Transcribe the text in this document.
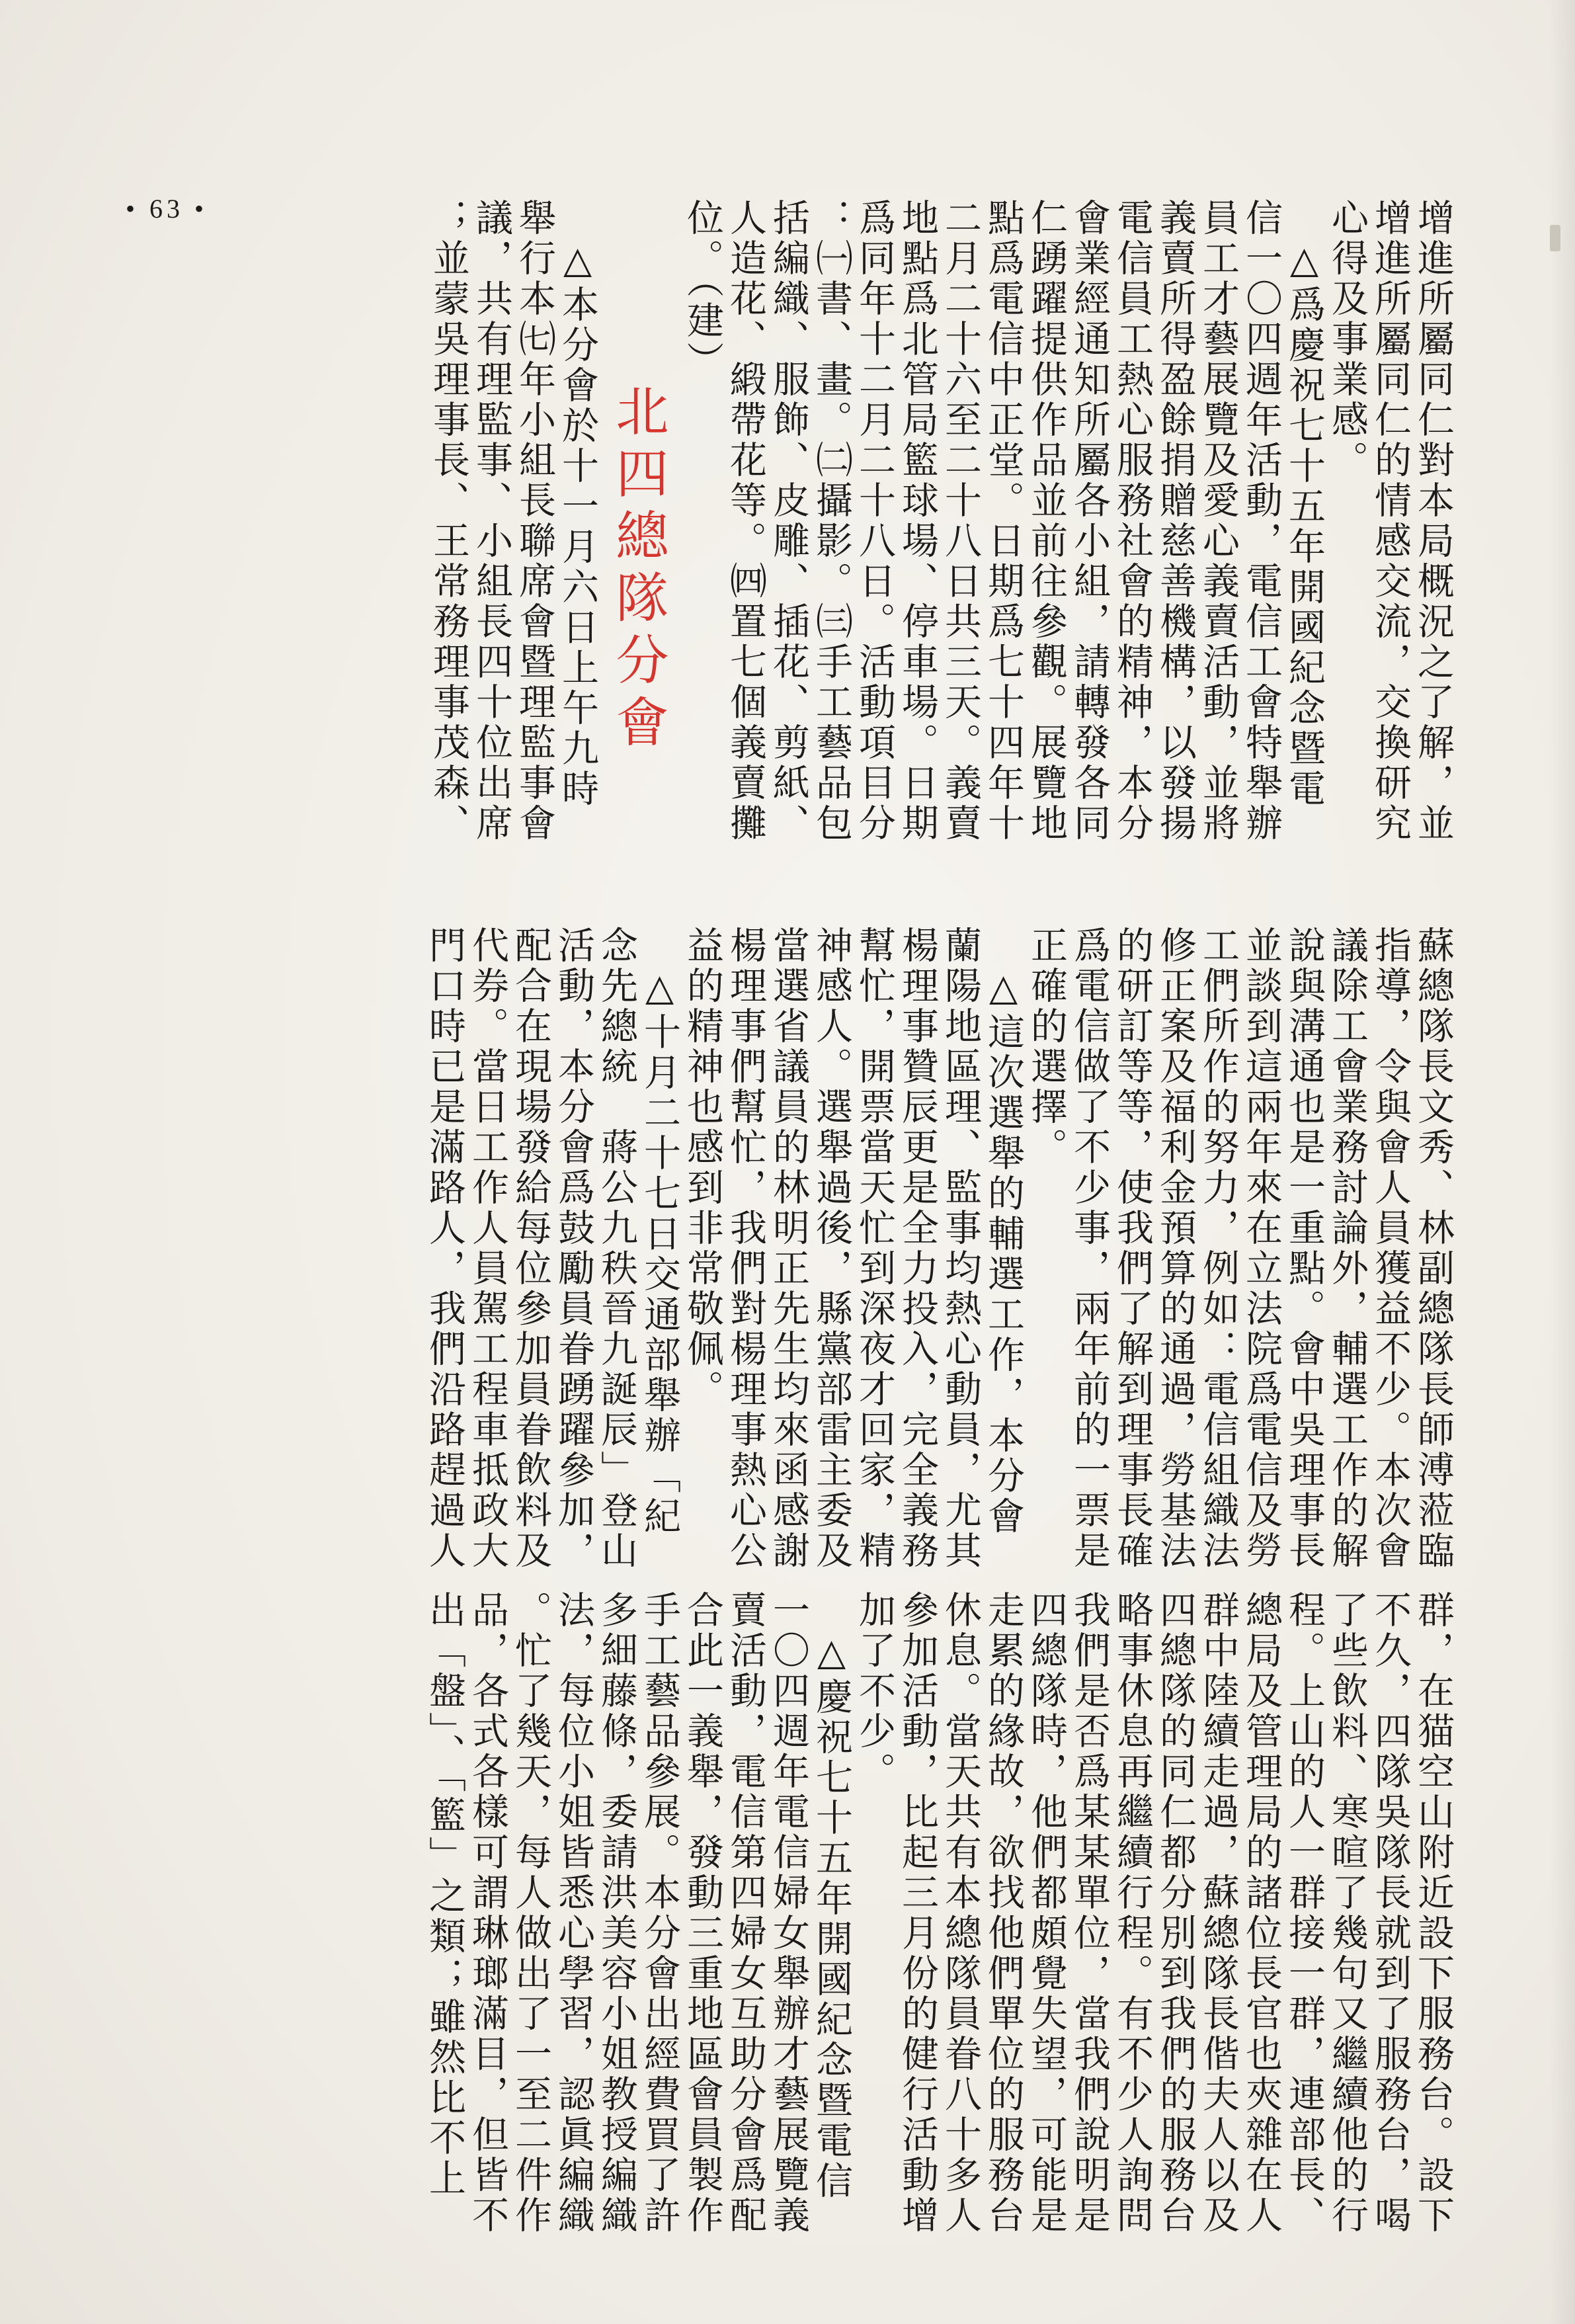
• 63 •	增進所屬同仁對本局概況之了解，並
增進所屬同仁的情感交流，交換研究
心得及事業感。
　△爲慶祝七十五年開國紀念暨電
信一〇四週年活動，電信工會特舉辦
員工才藝展覽及愛心義賣活動，並將
義賣所得盈餘捐贈慈善機構，以發揚
電信員工熱心服務社會的精神，本分
會業經通知所屬各小組，請轉發各同
仁踴躍提供作品並前往參觀。展覽地
點爲電信中正堂。日期爲七十四年十
二月二十六至二十八日共三天。義賣
地點爲北管局籃球場、停車場。日期
爲同年十二月二十八日。活動項目分
：㈠書、畫。㈡攝影。㈢手工藝品包
括編織、服飾、皮雕、插花、剪紙、
人造花、緞帶花等。㈣置七個義賣攤
位。（建）
北四總隊分會
　△本分會於十一月六日上午九時
舉行本㈦年小組長聯席會暨理監事會
議，共有理監事、小組長四十位出席
；並蒙吳理事長、王常務理事茂森、
蘇總隊長文秀、林副總隊長師溥蒞臨
指導，令與會人員獲益不少。本次會
議除工會業務討論外，輔選工作的解
說與溝通也是一重點。會中吳理事長
並談到這兩年來在立法院爲電信及勞
工們所作的努力，例如：電信組織法
修正案及福利金預算的通過，勞基法
的研訂等等，使我們了解到理事長確
爲電信做了不少事，兩年前的一票是
正確的選擇。
　△這次選舉的輔選工作，本分會
蘭陽地區理、監事均熱心動員，尤其
楊理事贊辰更是全力投入，完全義務
幫忙，開票當天忙到深夜才回家，精
神感人。選舉過後，縣黨部雷主委及
當選省議員的林明正先生均來函感謝
楊理事們幫忙，我們對楊理事熱心公
益的精神也感到非常敬佩。
　△十月二十七日交通部舉辦「紀
念先總統　蔣公九秩晉九誕辰」登山
活動，本分會爲鼓勵員眷踴躍參加，
配合在現場發給每位參加員眷飲料及
代券。當日工作人員駕工程車抵政大
門口時已是滿路人，我們沿路趕過人
群，在猫空山附近設下服務台。設下
不久，四隊吳隊長就到了服務台，喝
了些飲料、寒暄了幾句又繼續他的行
程。上山的人一群接一群，連部長、
總局及管理局的諸位長官也夾雜在人
群中陸續走過，蘇總隊長偕夫人以及
四總隊的同仁都分別到我們的服務台
略事休息再繼續行程。有不少人詢問
我們是否爲某某單位，當我們說明是
四總隊時，他們都頗覺失望，可能是
走累的緣故，欲找他們單位的服務台
休息。當天共有本總隊員眷八十多人
參加活動，比起三月份的健行活動增
加了不少。
　△慶祝七十五年開國紀念暨電信
一〇四週年電信婦女舉辦才藝展覽義
賣活動，電信第四婦女互助分會爲配
合此一義舉，發動三重地區會員製作
手工藝品參展。本分會出經費買了許
多細藤條，委請洪美容小姐教授編織
法，每位小姐皆悉心學習，認眞編織
。忙了幾天，每人做出了一至二件作
品，各式各樣可謂琳瑯滿目，但皆不
出「盤」、「籃」之類；雖然比不上
